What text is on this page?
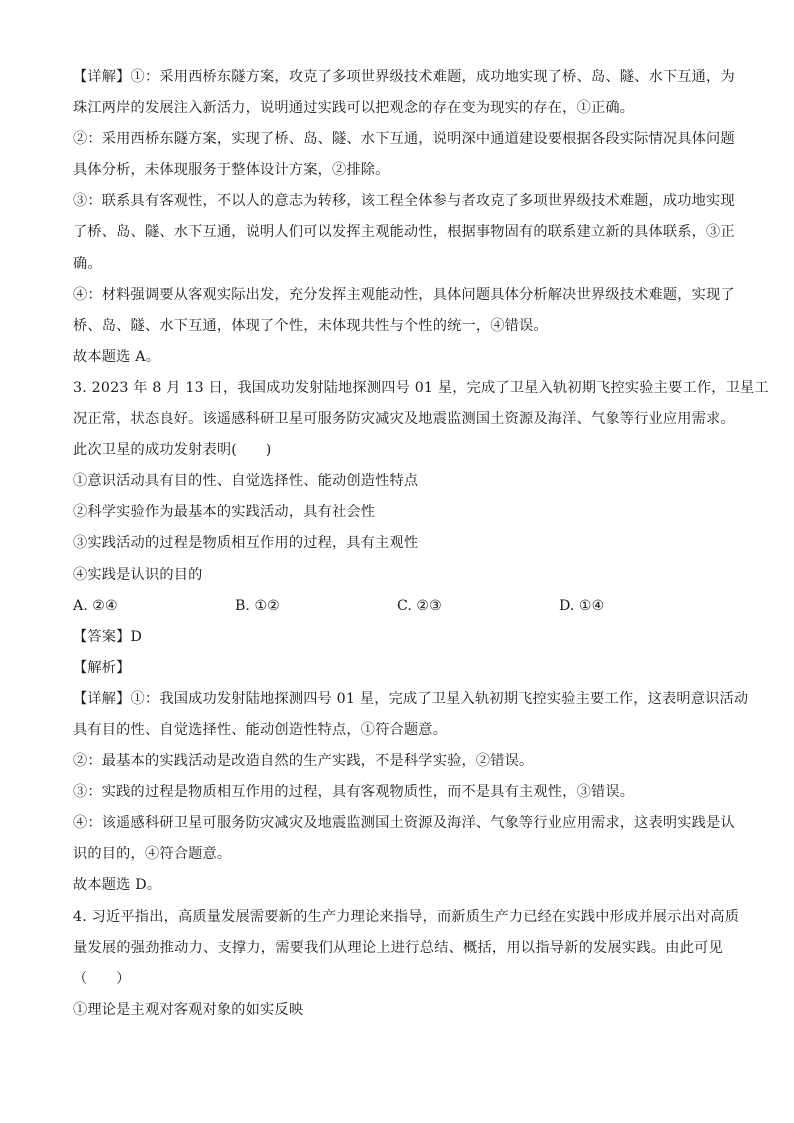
【详解】①：采用西桥东隧方案，攻克了多项世界级技术难题，成功地实现了桥、岛、隧、水下互通，为
珠江两岸的发展注入新活力，说明通过实践可以把观念的存在变为现实的存在，①正确。
②：采用西桥东隧方案，实现了桥、岛、隧、水下互通，说明深中通道建设要根据各段实际情况具体问题
具体分析，未体现服务于整体设计方案，②排除。
③：联系具有客观性，不以人的意志为转移，该工程全体参与者攻克了多项世界级技术难题，成功地实现
了桥、岛、隧、水下互通，说明人们可以发挥主观能动性，根据事物固有的联系建立新的具体联系，③正
确。
④：材料强调要从客观实际出发，充分发挥主观能动性，具体问题具体分析解决世界级技术难题，实现了
桥、岛、隧、水下互通，体现了个性，未体现共性与个性的统一，④错误。
故本题选 A。
3. 2023 年 8 月 13 日，我国成功发射陆地探测四号 01 星，完成了卫星入轨初期飞控实验主要工作，卫星工
况正常，状态良好。该遥感科研卫星可服务防灾减灾及地震监测国土资源及海洋、气象等行业应用需求。
此次卫星的成功发射表明(　　)
①意识活动具有目的性、自觉选择性、能动创造性特点
②科学实验作为最基本的实践活动，具有社会性
③实践活动的过程是物质相互作用的过程，具有主观性
④实践是认识的目的
A. ②④	B. ①②	C. ②③	D. ①④
【答案】D
【解析】
【详解】①：我国成功发射陆地探测四号 01 星，完成了卫星入轨初期飞控实验主要工作，这表明意识活动
具有目的性、自觉选择性、能动创造性特点，①符合题意。
②：最基本的实践活动是改造自然的生产实践，不是科学实验，②错误。
③：实践的过程是物质相互作用的过程，具有客观物质性，而不是具有主观性，③错误。
④：该遥感科研卫星可服务防灾减灾及地震监测国土资源及海洋、气象等行业应用需求，这表明实践是认
识的目的，④符合题意。
故本题选 D。
4. 习近平指出，高质量发展需要新的生产力理论来指导，而新质生产力已经在实践中形成并展示出对高质
量发展的强劲推动力、支撑力，需要我们从理论上进行总结、概括，用以指导新的发展实践。由此可见
（　　）
①理论是主观对客观对象的如实反映
